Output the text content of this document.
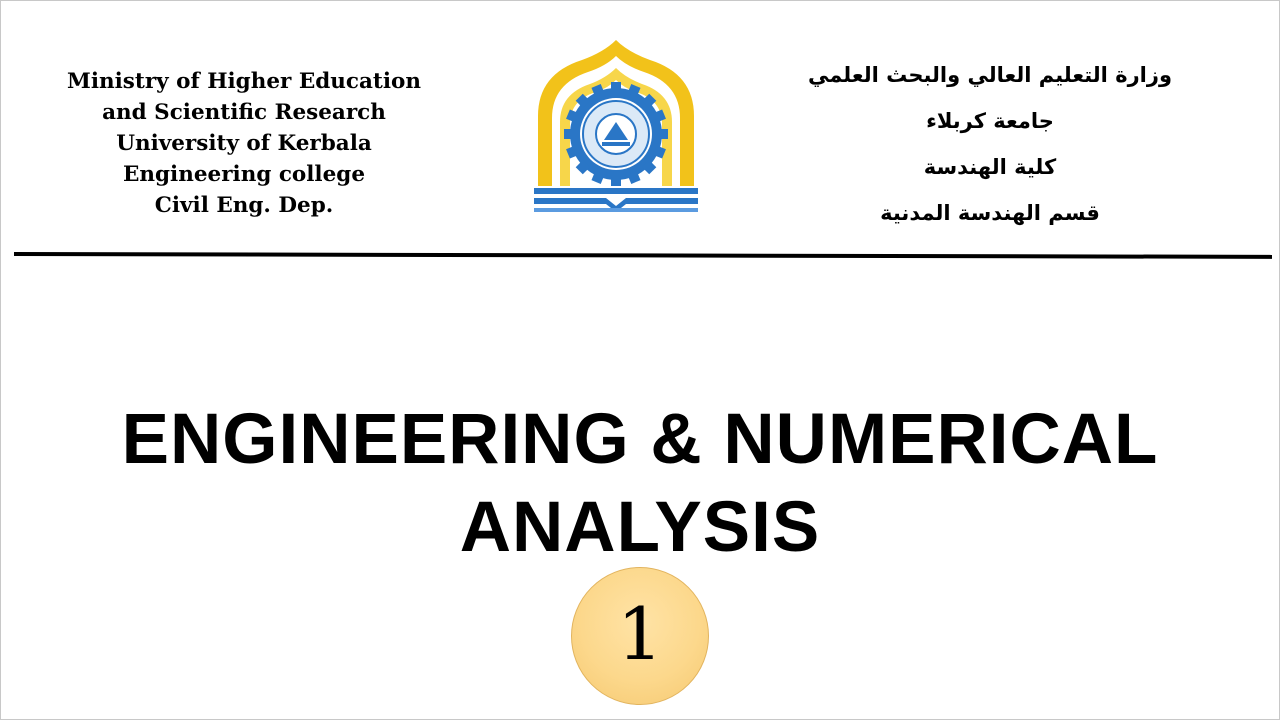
Ministry of Higher Education
and Scientific Research
University of Kerbala
Engineering college
Civil Eng. Dep.
وزارة التعليم العالي والبحث العلمي
جامعة كربلاء
كلية الهندسة
قسم الهندسة المدنية
ENGINEERING & NUMERICAL
ANALYSIS
1
